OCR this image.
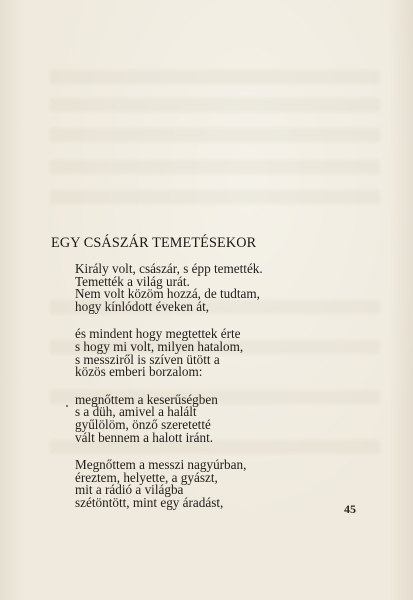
EGY CSÁSZÁR TEMETÉSEKOR
Király volt, császár, s épp temették.
Temették a világ urát.
Nem volt közöm hozzá, de tudtam,
hogy kínlódott éveken át,
és mindent hogy megtettek érte
s hogy mi volt, milyen hatalom,
s messziről is szíven ütött a
közös emberi borzalom:
megnőttem a keserűségben
s a düh, amivel a halált
gyűlölöm, önző szeretetté
vált bennem a halott iránt.
Megnőttem a messzi nagyúrban,
éreztem, helyette, a gyászt,
mit a rádió a világba
szétöntött, mint egy áradást,	45
